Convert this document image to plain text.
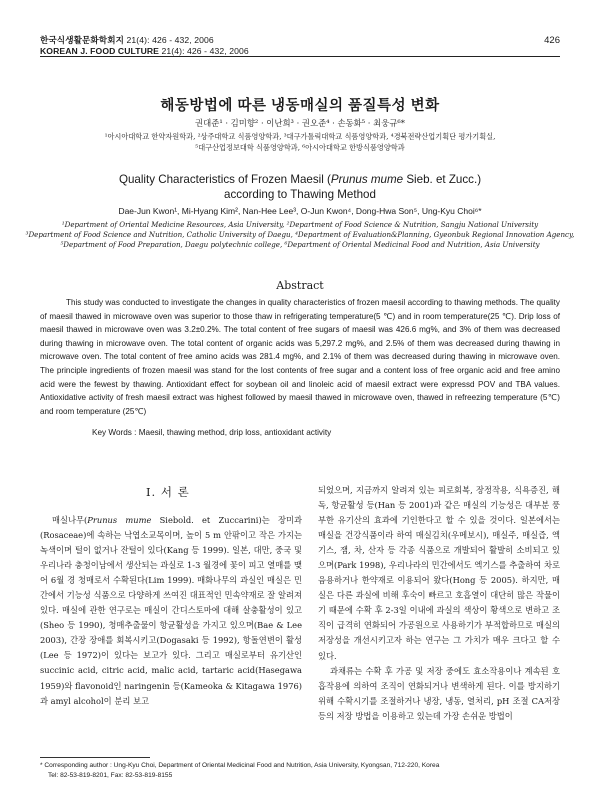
한국식생활문화학회지 21(4): 426 - 432, 2006
KOREAN J. FOOD CULTURE 21(4): 426 - 432, 2006
426
해동방법에 따른 냉동매실의 품질특성 변화
권대준¹ · 김미향² · 이난희³ · 권오준⁴ · 손동화⁵ · 최웅규⁶*
¹아시아대학교 한약자원학과, ²상주대학교 식품영양학과, ³대구가톨릭대학교 식품영양학과, ⁴경북전략산업기획단 평가기획실,
⁵대구산업정보대학 식품영양학과, ⁶아시아대학교 한방식품영양학과
Quality Characteristics of Frozen Maesil (Prunus mume Sieb. et Zucc.)
according to Thawing Method
Dae-Jun Kwon¹, Mi-Hyang Kim², Nan-Hee Lee³, O-Jun Kwon⁴, Dong-Hwa Son⁵, Ung-Kyu Choi⁶*
¹Department of Oriental Medicine Resources, Asia University, ²Department of Food Science & Nutrition, Sangju National University
³Department of Food Science and Nutrition, Catholic University of Daegu, ⁴Department of Evaluation&Planning, Gyeonbuk Regional Innovation Agency,
⁵Department of Food Preparation, Daegu polytechnic college, ⁶Department of Oriental Medicinal Food and Nutrition, Asia University
Abstract
This study was conducted to investigate the changes in quality characteristics of frozen maesil according to thawing methods. The quality of maesil thawed in microwave oven was superior to those thaw in refrigerating temperature(5 ℃) and in room temperature(25 ℃). Drip loss of maesil thawed in microwave oven was 3.2±0.2%. The total content of free sugars of maesil was 426.6 mg%, and 3% of them was decreased during thawing in microwave oven. The total content of organic acids was 5,297.2 mg%, and 2.5% of them was decreased during thawing in microwave oven. The total content of free amino acids was 281.4 mg%, and 2.1% of them was decreased during thawing in microwave oven. The principle ingredients of frozen maesil was stand for the lost contents of free sugar and a content loss of free organic acid and free amino acid were the fewest by thawing. Antioxidant effect for soybean oil and linoleic acid of maesil extract were expressd POV and TBA values. Antioxidative activity of fresh maesil extract was highest followed by maesil thawed in microwave oven, thawed in refreezing temperature (5℃) and room temperature (25℃)
Key Words : Maesil, thawing method, drip loss, antioxidant activity
I. 서 론
매실나무(Prunus mume Siebold. et Zuccarini)는 장미과(Rosaceae)에 속하는 낙엽소교목이며, 높이 5 m 안팎이고 작은 가지는 녹색이며 털이 없거나 잔털이 있다(Kang 등 1999). 일본, 대만, 중국 및 우리나라 충청이남에서 생산되는 과실로 1-3 월경에 꽃이 피고 열매를 맺어 6월 경 청매로서 수확된다(Lim 1999). 매화나무의 과실인 매실은 민간에서 기능성 식품으로 다양하게 쓰여진 대표적인 민속약재로 잘 알려져 있다. 매실에 관한 연구로는 매실이 간디스토마에 대해 살충활성이 있고(Sheo 등 1990), 청매추출물이 항균활성을 가지고 있으며(Bae & Lee 2003), 간장 장애를 회복시키고(Dogasaki 등 1992), 항돌연변이 활성(Lee 등 1972)이 있다는 보고가 있다. 그리고 매실로부터 유기산인 succinic acid, citric acid, malic acid, tartaric acid(Hasegawa 1959)와 flavonoid인 naringenin 등(Kameoka & Kitagawa 1976)과 amyl alcohol이 분리 보고

되었으며, 지금까지 알려져 있는 피로회복, 장정작용, 식욕증진, 해독, 항균활성 등(Han 등 2001)과 같은 매실의 기능성은 대부분 풍부한 유기산의 효과에 기인한다고 할 수 있을 것이다. 일본에서는 매실을 건강식품이라 하여 매실김치(우메보시), 매실주, 매실즙, 엑기스, 잼, 차, 산자 등 각종 식품으로 개발되어 활발히 소비되고 있으며(Park 1998), 우리나라의 민간에서도 엑기스를 추출하여 차로 음용하거나 한약재로 이용되어 왔다(Hong 등 2005). 하지만, 매실은 다른 과실에 비해 후숙이 빠르고 호흡열이 대단히 많은 작물이기 때문에 수확 후 2-3일 이내에 과실의 색상이 황색으로 변하고 조직이 급격히 연화되어 가공원으로 사용하기가 부적합하므로 매실의 저장성을 개선시키고자 하는 연구는 그 가치가 매우 크다고 할 수 있다.

과채류는 수확 후 가공 및 저장 중에도 효소작용이나 계속된 호흡작용에 의하여 조직이 연화되거나 변색하게 된다. 이를 방지하기 위해 수확시기를 조절하거나 냉장, 냉동, 열처리, pH 조절 CA저장 등의 저장 방법을 이용하고 있는데 가장 손쉬운 방법이

* Corresponding author : Ung-Kyu Choi, Department of Oriental Medicinal Food and Nutrition, Asia University, Kyongsan, 712-220, Korea
Tel: 82-53-819-8201, Fax: 82-53-819-8155
